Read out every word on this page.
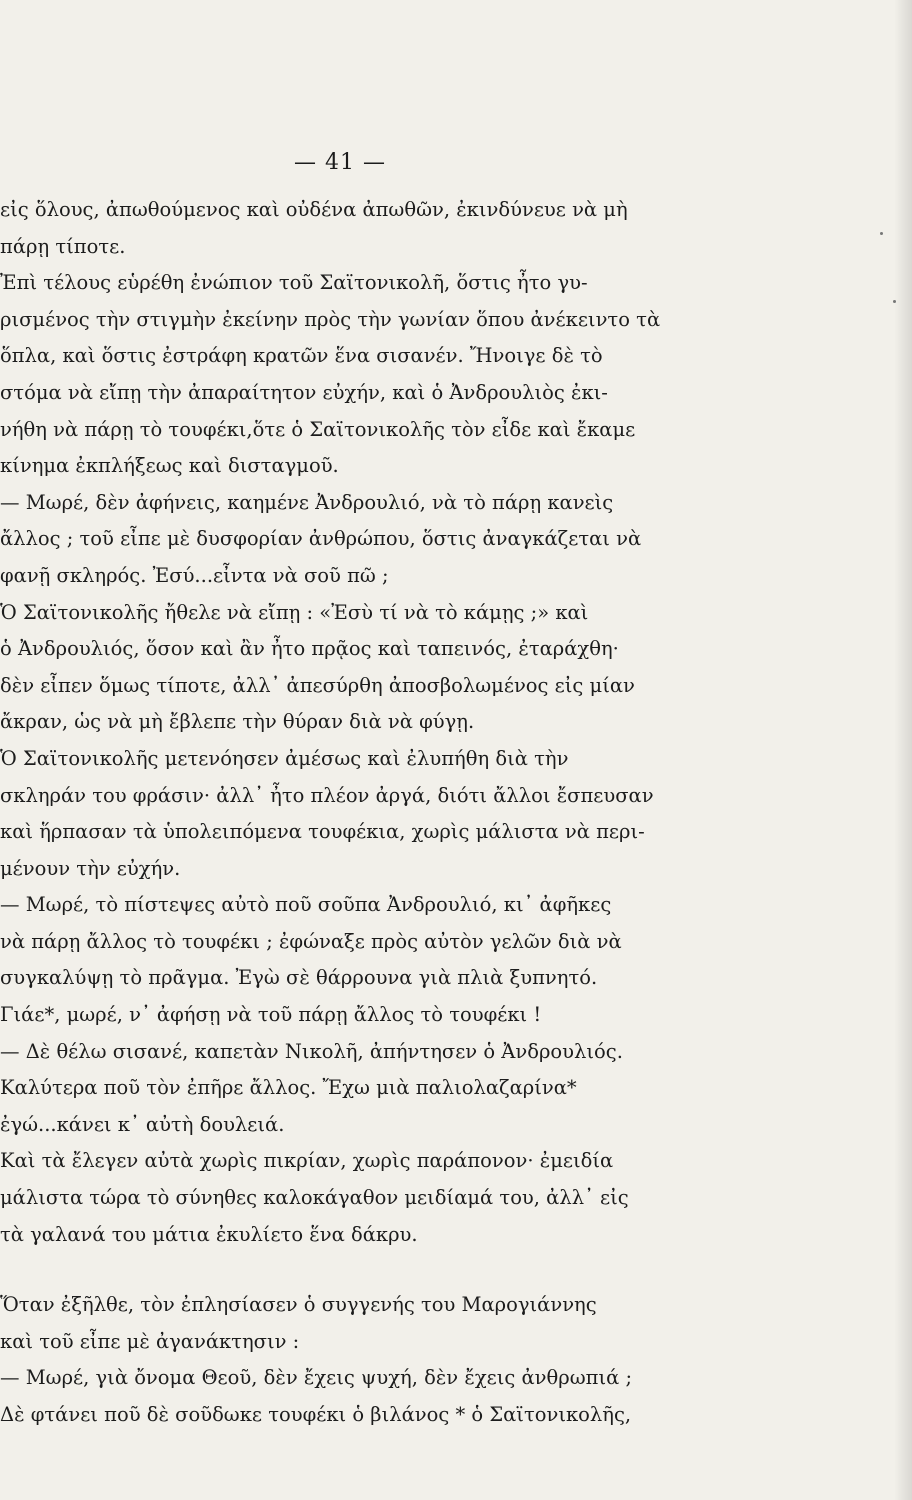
— 41 —
εἰς ὅλους, ἀπωθούμενος καὶ οὐδένα ἀπωθῶν, ἐκινδύνευε νὰ μὴ
πάρῃ τίποτε.
Ἐπὶ τέλους εὑρέθη ἐνώπιον τοῦ Σαϊτονικολῆ, ὅστις ἦτο γυ-
ρισμένος τὴν στιγμὴν ἐκείνην πρὸς τὴν γωνίαν ὅπου ἀνέκειντο τὰ
ὅπλα, καὶ ὅστις ἐστράφη κρατῶν ἕνα σισανέν. Ἤνοιγε δὲ τὸ
στόμα νὰ εἴπῃ τὴν ἀπαραίτητον εὐχήν, καὶ ὁ Ἀνδρουλιὸς ἐκι-
νήθη νὰ πάρῃ τὸ τουφέκι,ὅτε ὁ Σαϊτονικολῆς τὸν εἶδε καὶ ἔκαμε
κίνημα ἐκπλήξεως καὶ δισταγμοῦ.
— Μωρέ, δὲν ἀφήνεις, καημένε Ἀνδρουλιό, νὰ τὸ πάρῃ κανεὶς
ἄλλος ; τοῦ εἶπε μὲ δυσφορίαν ἀνθρώπου, ὅστις ἀναγκάζεται νὰ
φανῇ σκληρός. Ἐσύ...εἶντα νὰ σοῦ πῶ ;
Ὁ Σαϊτονικολῆς ἤθελε νὰ εἴπῃ : «Ἐσὺ τί νὰ τὸ κάμῃς ;» καὶ
ὁ Ἀνδρουλιός, ὅσον καὶ ἂν ἦτο πρᾷος καὶ ταπεινός, ἐταράχθη·
δὲν εἶπεν ὅμως τίποτε, ἀλλ᾽ ἀπεσύρθη ἀποσβολωμένος εἰς μίαν
ἄκραν, ὡς νὰ μὴ ἔβλεπε τὴν θύραν διὰ νὰ φύγῃ.
Ὁ Σαϊτονικολῆς μετενόησεν ἀμέσως καὶ ἐλυπήθη διὰ τὴν
σκληράν του φράσιν· ἀλλ᾽ ἦτο πλέον ἀργά, διότι ἄλλοι ἔσπευσαν
καὶ ἥρπασαν τὰ ὑπολειπόμενα τουφέκια, χωρὶς μάλιστα νὰ περι-
μένουν τὴν εὐχήν.
— Μωρέ, τὸ πίστεψες αὐτὸ ποῦ σοῦπα Ἀνδρουλιό, κι᾽ ἀφῆκες
νὰ πάρῃ ἄλλος τὸ τουφέκι ; ἐφώναξε πρὸς αὐτὸν γελῶν διὰ νὰ
συγκαλύψῃ τὸ πρᾶγμα. Ἐγὼ σὲ θάρρουνα γιὰ πλιὰ ξυπνητό.
Γιάε*, μωρέ, ν᾽ ἀφήσῃ νὰ τοῦ πάρῃ ἄλλος τὸ τουφέκι !
— Δὲ θέλω σισανέ, καπετὰν Νικολῆ, ἀπήντησεν ὁ Ἀνδρουλιός.
Καλύτερα ποῦ τὸν ἐπῆρε ἄλλος. Ἔχω μιὰ παλιολαζαρίνα*
ἐγώ...κάνει κ᾽ αὐτὴ δουλειά.
Καὶ τὰ ἔλεγεν αὐτὰ χωρὶς πικρίαν, χωρὶς παράπονον· ἐμειδία
μάλιστα τώρα τὸ σύνηθες καλοκάγαθον μειδίαμά του, ἀλλ᾽ εἰς
τὰ γαλανά του μάτια ἐκυλίετο ἕνα δάκρυ.
Ὅταν ἐξῆλθε, τὸν ἐπλησίασεν ὁ συγγενής του Μαρογιάννης
καὶ τοῦ εἶπε μὲ ἀγανάκτησιν :
— Μωρέ, γιὰ ὄνομα Θεοῦ, δὲν ἔχεις ψυχή, δὲν ἔχεις ἀνθρωπιά ;
Δὲ φτάνει ποῦ δὲ σοῦδωκε τουφέκι ὁ βιλάνος * ὁ Σαϊτονικολῆς,
